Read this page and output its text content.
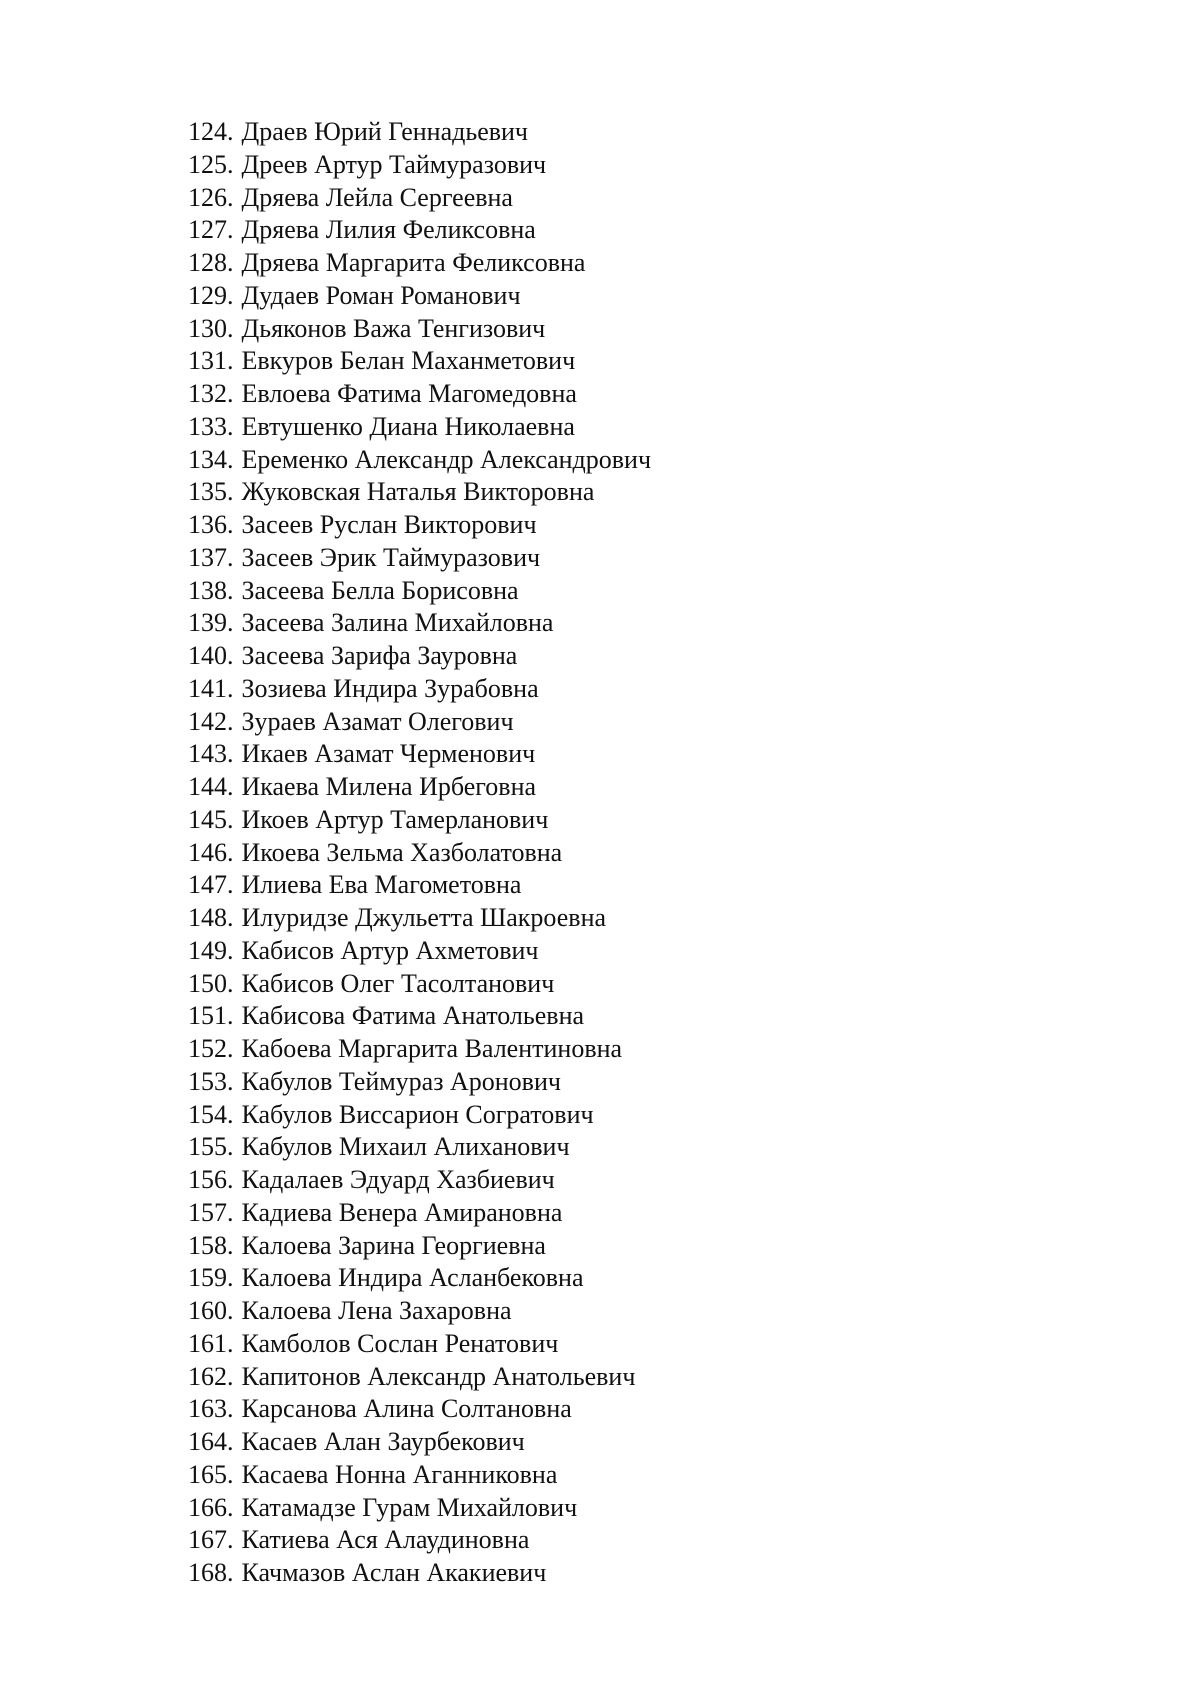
124. Драев Юрий Геннадьевич
125. Дреев Артур Таймуразович
126. Дряева Лейла Сергеевна
127. Дряева Лилия Феликсовна
128. Дряева Маргарита Феликсовна
129. Дудаев Роман Романович
130. Дьяконов Важа Тенгизович
131. Евкуров Белан Маханметович
132. Евлоева Фатима Магомедовна
133. Евтушенко Диана Николаевна
134. Еременко Александр Александрович
135. Жуковская Наталья Викторовна
136. Засеев Руслан Викторович
137. Засеев Эрик Таймуразович
138. Засеева Белла Борисовна
139. Засеева Залина Михайловна
140. Засеева Зарифа Зауровна
141. Зозиева Индира Зурабовна
142. Зураев Азамат Олегович
143. Икаев Азамат Черменович
144. Икаева Милена Ирбеговна
145. Икоев Артур Тамерланович
146. Икоева Зельма Хазболатовна
147. Илиева Ева Магометовна
148. Илуридзе Джульетта Шакроевна
149. Кабисов Артур Ахметович
150. Кабисов Олег Тасолтанович
151. Кабисова Фатима Анатольевна
152. Кабоева Маргарита Валентиновна
153. Кабулов Теймураз Аронович
154. Кабулов Виссарион Согратович
155. Кабулов Михаил Алиханович
156. Кадалаев Эдуард Хазбиевич
157. Кадиева Венера Амирановна
158. Калоева Зарина Георгиевна
159. Калоева Индира Асланбековна
160. Калоева Лена Захаровна
161. Камболов Сослан Ренатович
162. Капитонов Александр Анатольевич
163. Карсанова Алина Солтановна
164. Касаев Алан Заурбекович
165. Касаева Нонна Аганниковна
166. Катамадзе Гурам Михайлович
167. Катиева Ася Алаудиновна
168. Качмазов Аслан Акакиевич
